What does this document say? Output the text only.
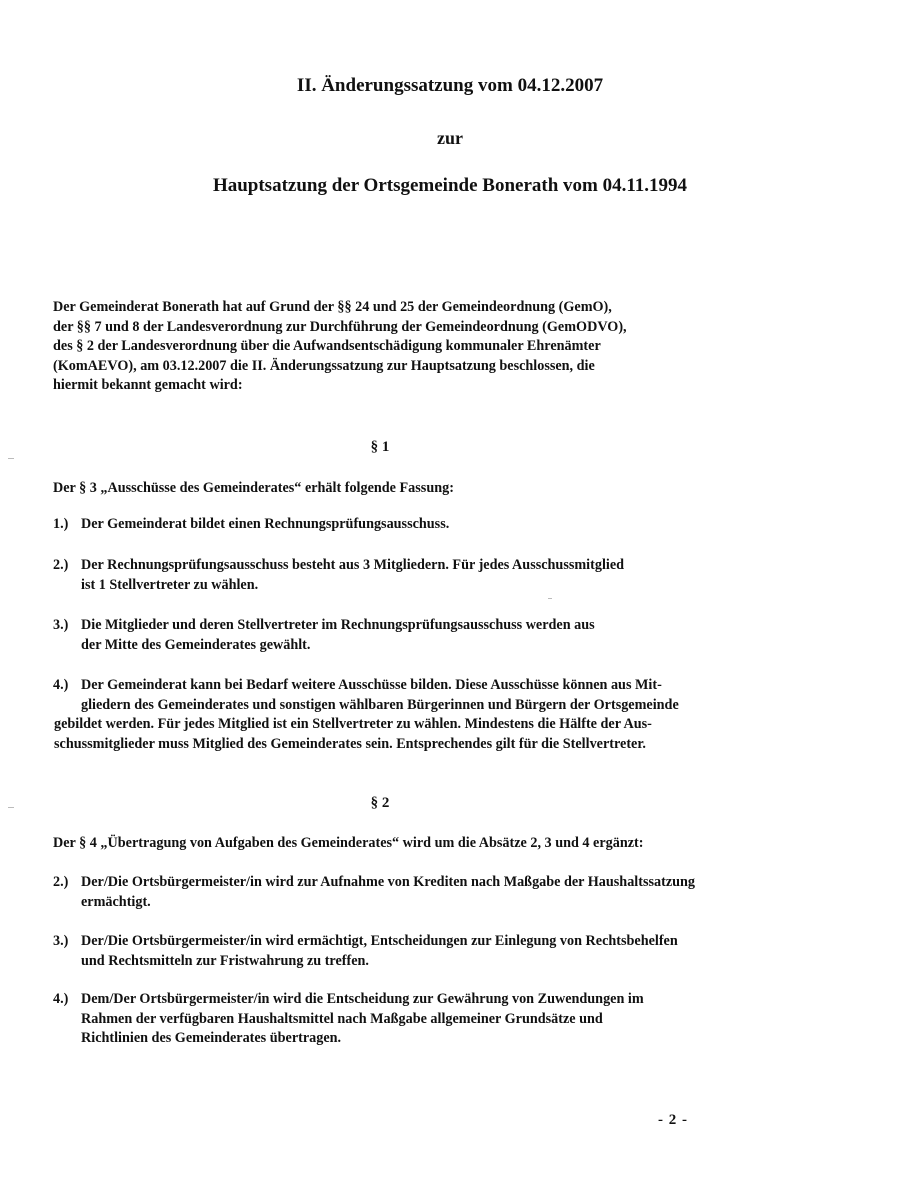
II. Änderungssatzung vom 04.12.2007
zur
Hauptsatzung der Ortsgemeinde Bonerath vom 04.11.1994
Der Gemeinderat Bonerath hat auf Grund der §§ 24 und 25 der Gemeindeordnung (GemO),
der §§ 7 und 8 der Landesverordnung zur Durchführung der Gemeindeordnung (GemODVO),
des § 2 der Landesverordnung über die Aufwandsentschädigung kommunaler Ehrenämter
(KomAEVO), am 03.12.2007 die II. Änderungssatzung zur Hauptsatzung beschlossen, die
hiermit bekannt gemacht wird:
§ 1
Der § 3 „Ausschüsse des Gemeinderates“ erhält folgende Fassung:
1.) Der Gemeinderat bildet einen Rechnungsprüfungsausschuss.
2.) Der Rechnungsprüfungsausschuss besteht aus 3 Mitgliedern. Für jedes Ausschussmitglied
ist 1 Stellvertreter zu wählen.
3.) Die Mitglieder und deren Stellvertreter im Rechnungsprüfungsausschuss werden aus
der Mitte des Gemeinderates gewählt.
4.) Der Gemeinderat kann bei Bedarf weitere Ausschüsse bilden. Diese Ausschüsse können aus Mit-
gliedern des Gemeinderates und sonstigen wählbaren Bürgerinnen und Bürgern der Ortsgemeinde
gebildet werden. Für jedes Mitglied ist ein Stellvertreter zu wählen. Mindestens die Hälfte der Aus-
schussmitglieder muss Mitglied des Gemeinderates sein. Entsprechendes gilt für die Stellvertreter.
§ 2
Der § 4 „Übertragung von Aufgaben des Gemeinderates“ wird um die Absätze 2, 3 und 4 ergänzt:
2.) Der/Die Ortsbürgermeister/in wird zur Aufnahme von Krediten nach Maßgabe der Haushaltssatzung
ermächtigt.
3.) Der/Die Ortsbürgermeister/in wird ermächtigt, Entscheidungen zur Einlegung von Rechtsbehelfen
und Rechtsmitteln zur Fristwahrung zu treffen.
4.) Dem/Der Ortsbürgermeister/in wird die Entscheidung zur Gewährung von Zuwendungen im
Rahmen der verfügbaren Haushaltsmittel nach Maßgabe allgemeiner Grundsätze und
Richtlinien des Gemeinderates übertragen.
- 2 -
